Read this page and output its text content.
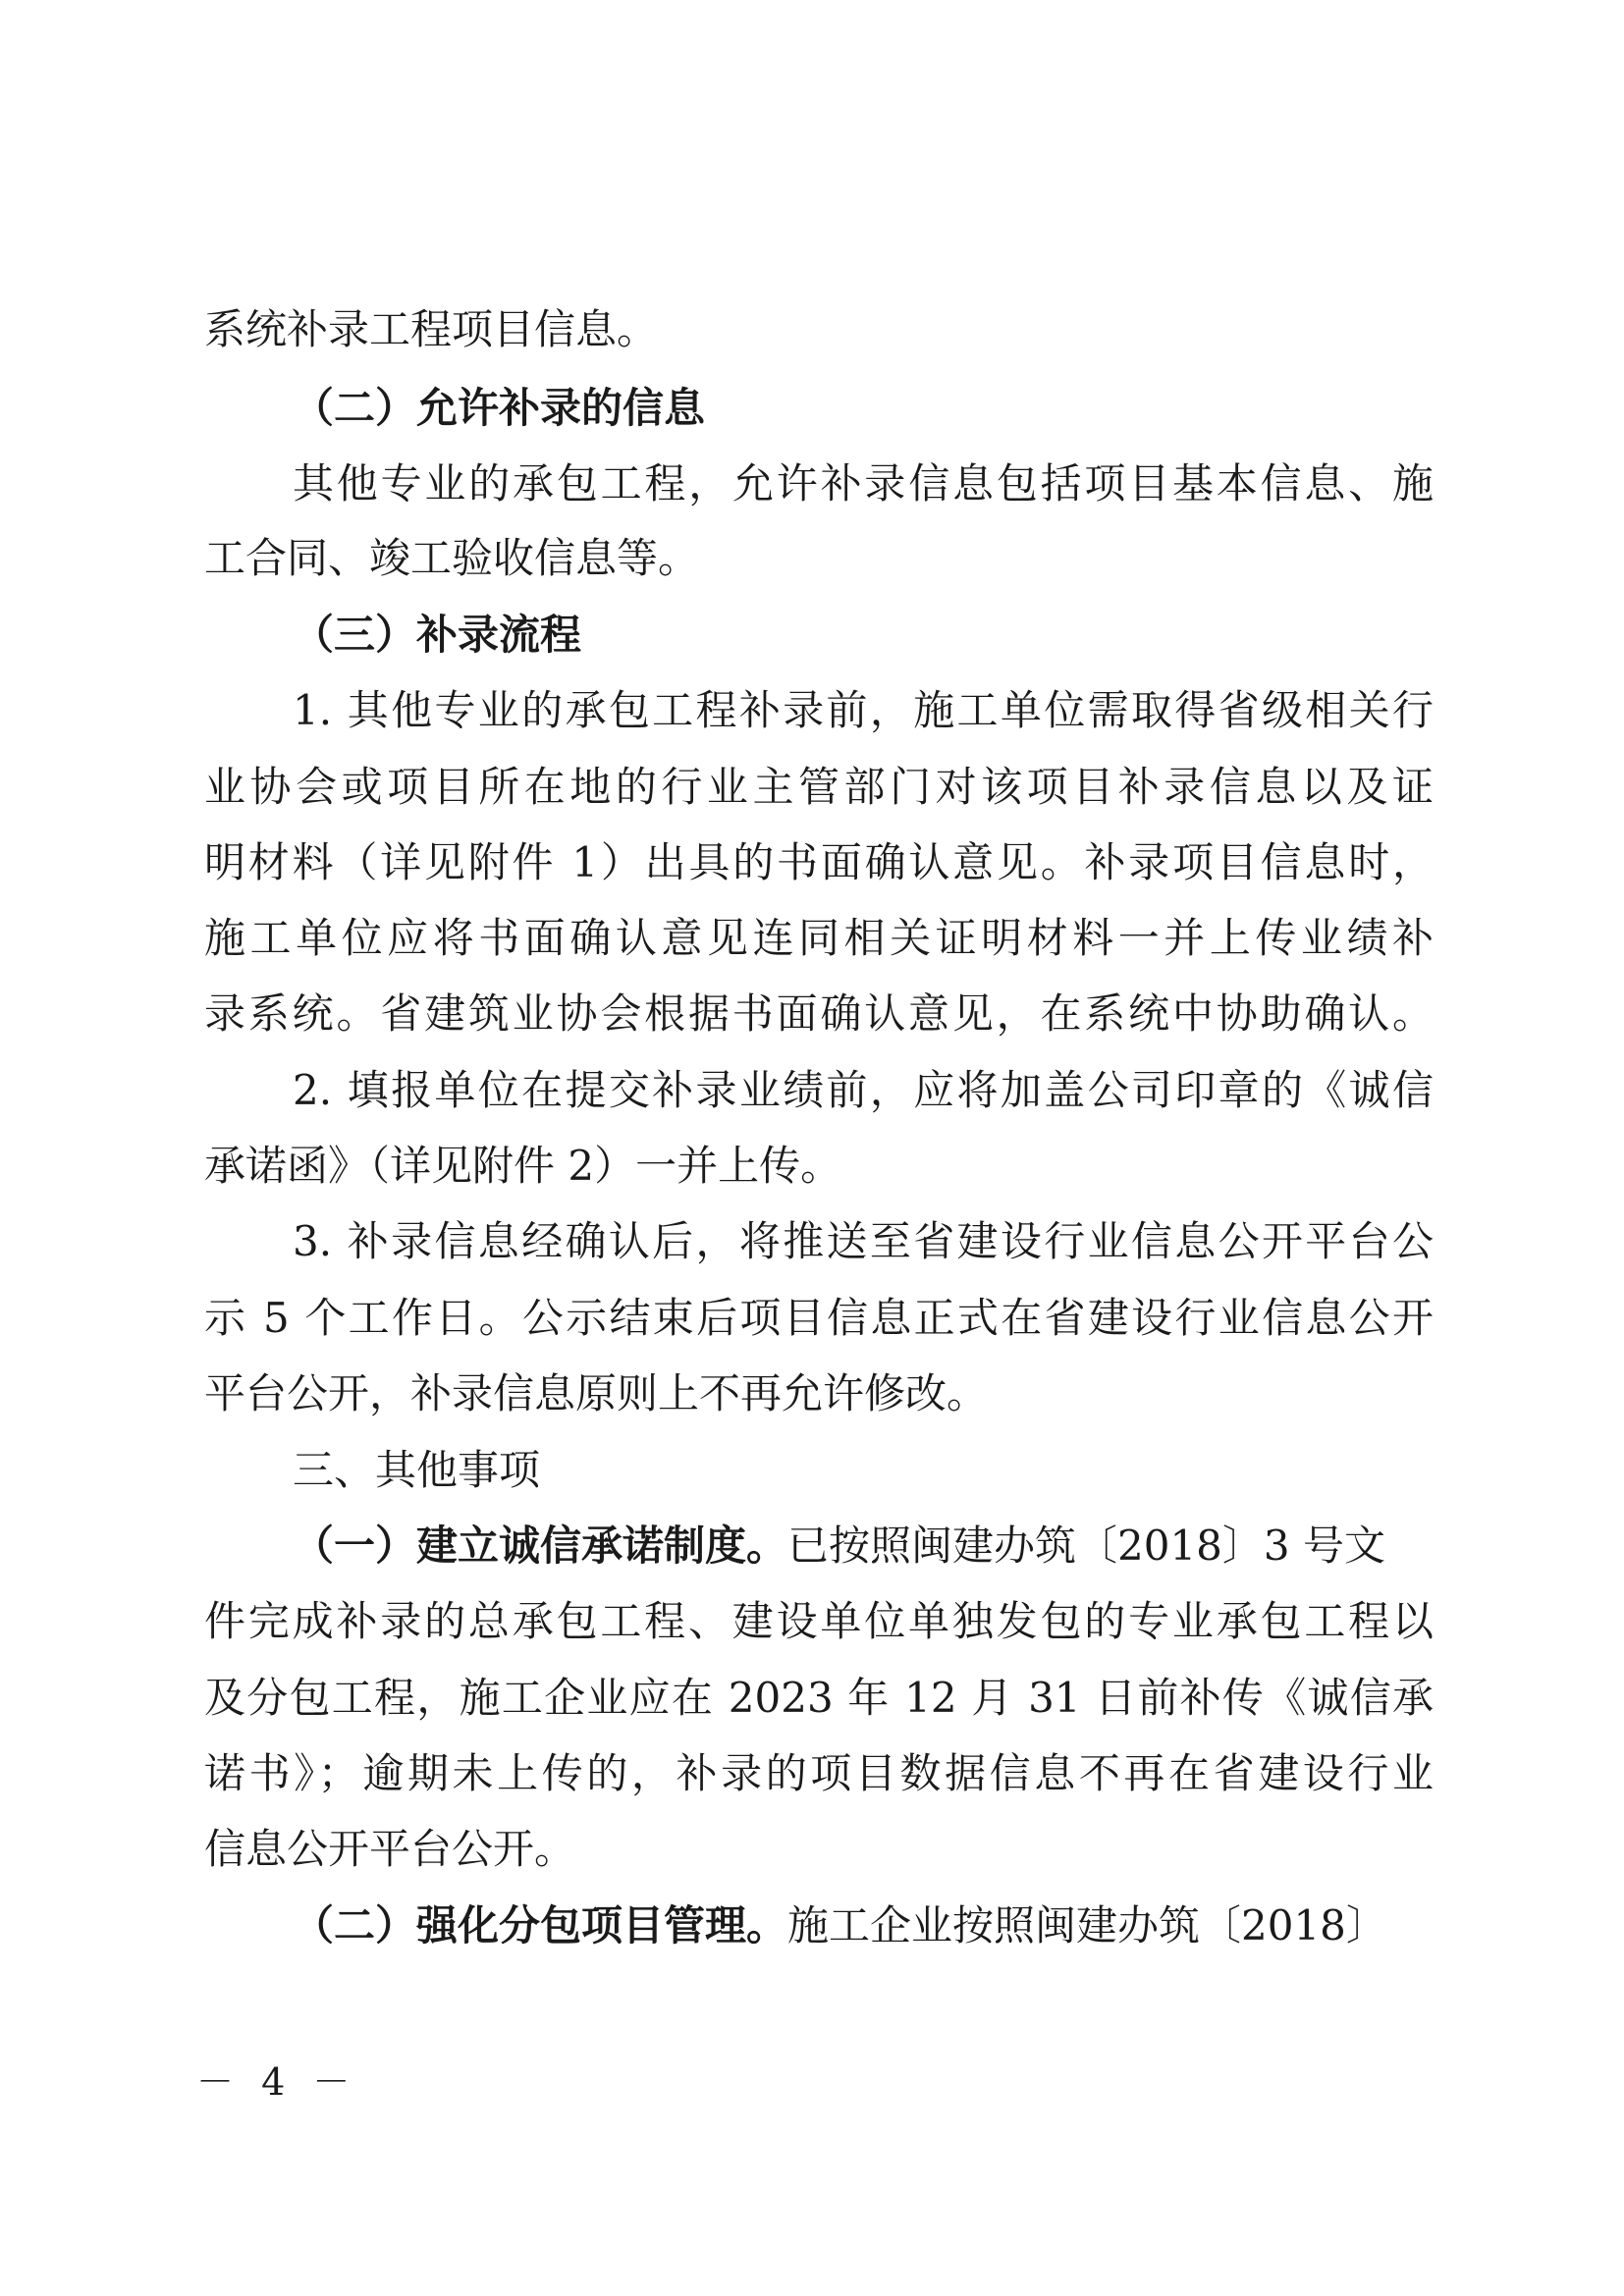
系统补录工程项目信息。
（二）允许补录的信息
其他专业的承包工程，允许补录信息包括项目基本信息、施
工合同、竣工验收信息等。
（三）补录流程
1. 其他专业的承包工程补录前，施工单位需取得省级相关行
业协会或项目所在地的行业主管部门对该项目补录信息以及证
明材料（详见附件 1）出具的书面确认意见。补录项目信息时，
施工单位应将书面确认意见连同相关证明材料一并上传业绩补
录系统。省建筑业协会根据书面确认意见，在系统中协助确认。
2. 填报单位在提交补录业绩前，应将加盖公司印章的《诚信
承诺函》（详见附件 2）一并上传。
3. 补录信息经确认后，将推送至省建设行业信息公开平台公
示 5 个工作日。公示结束后项目信息正式在省建设行业信息公开
平台公开，补录信息原则上不再允许修改。
三、其他事项
（一）建立诚信承诺制度。已按照闽建办筑〔2018〕3 号文
件完成补录的总承包工程、建设单位单独发包的专业承包工程以
及分包工程，施工企业应在 2023 年 12 月 31 日前补传《诚信承
诺书》；逾期未上传的，补录的项目数据信息不再在省建设行业
信息公开平台公开。
（二）强化分包项目管理。施工企业按照闽建办筑〔2018〕
－ 4 －
